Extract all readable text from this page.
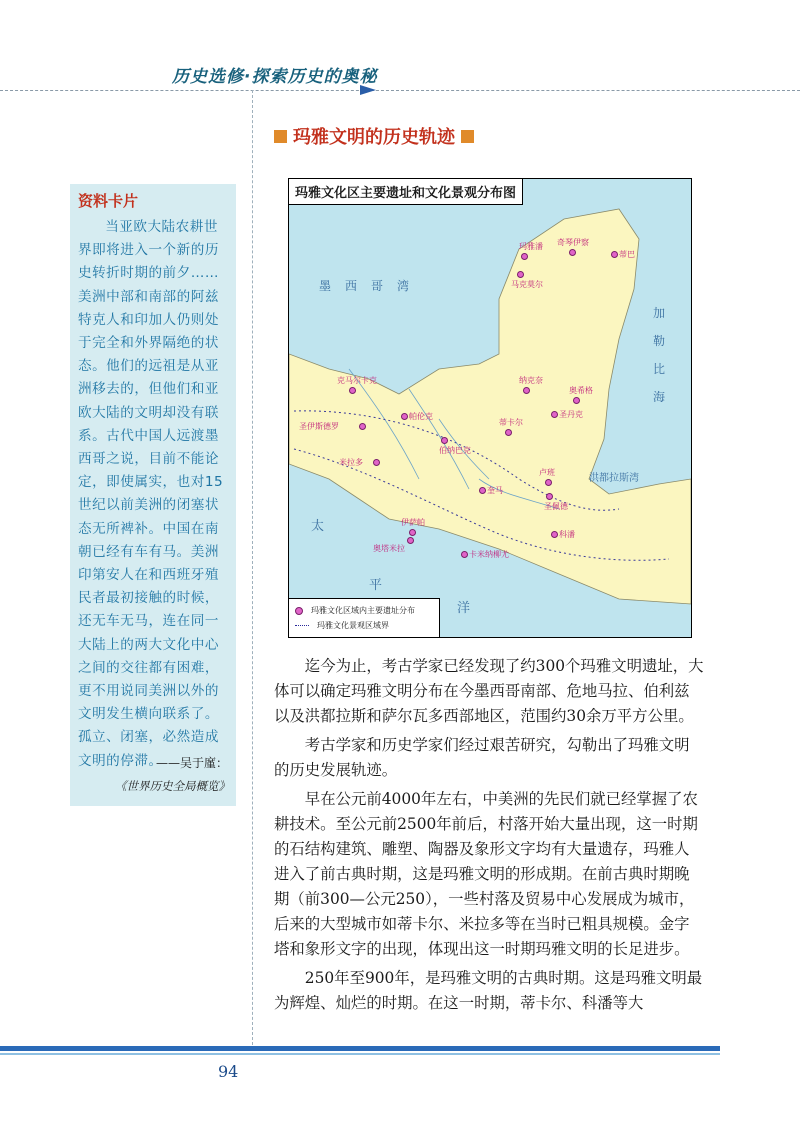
历史选修·探索历史的奥秘
玛雅文明的历史轨迹
资料卡片
当亚欧大陆农耕世界即将进入一个新的历史转折时期的前夕……美洲中部和南部的阿兹特克人和印加人仍则处于完全和外界隔绝的状态。他们的远祖是从亚洲移去的，但他们和亚欧大陆的文明却没有联系。古代中国人远渡墨西哥之说，目前不能论定，即使属实，也对15世纪以前美洲的闭塞状态无所裨补。中国在南朝已经有车有马。美洲印第安人在和西班牙殖民者最初接触的时候，还无车无马，连在同一大陆上的两大文化中心之间的交往都有困难，更不用说同美洲以外的文明发生横向联系了。孤立、闭塞，必然造成文明的停滞。
——吴于廑：
《世界历史全局概览》
玛雅文化区主要遗址和文化景观分布图
墨西哥湾
加勒比海
洪都拉斯湾
太
平
洋
玛雅潘 奇琴伊察
蒂巴
马克莫尔
纳克奈
奥希格
克马尔卡克
帕伦克	圣丹克
蒂卡尔
圣伊斯德罗
伯纳巴克
米拉多
卢班
奎马
圣佩德
科潘
伊萨帕
奥塔米拉
卡米纳柳尤
玛雅文化区域内主要遗址分布
玛雅文化景观区域界

迄今为止，考古学家已经发现了约300个玛雅文明遗址，大体可以确定玛雅文明分布在今墨西哥南部、危地马拉、伯利兹以及洪都拉斯和萨尔瓦多西部地区，范围约30余万平方公里。

考古学家和历史学家们经过艰苦研究，勾勒出了玛雅文明的历史发展轨迹。

早在公元前4000年左右，中美洲的先民们就已经掌握了农耕技术。至公元前2500年前后，村落开始大量出现，这一时期的石结构建筑、雕塑、陶器及象形文字均有大量遗存，玛雅人进入了前古典时期，这是玛雅文明的形成期。在前古典时期晚期（前300—公元250），一些村落及贸易中心发展成为城市，后来的大型城市如蒂卡尔、米拉多等在当时已粗具规模。金字塔和象形文字的出现，体现出这一时期玛雅文明的长足进步。

250年至900年，是玛雅文明的古典时期。这是玛雅文明最为辉煌、灿烂的时期。在这一时期，蒂卡尔、科潘等大

94
